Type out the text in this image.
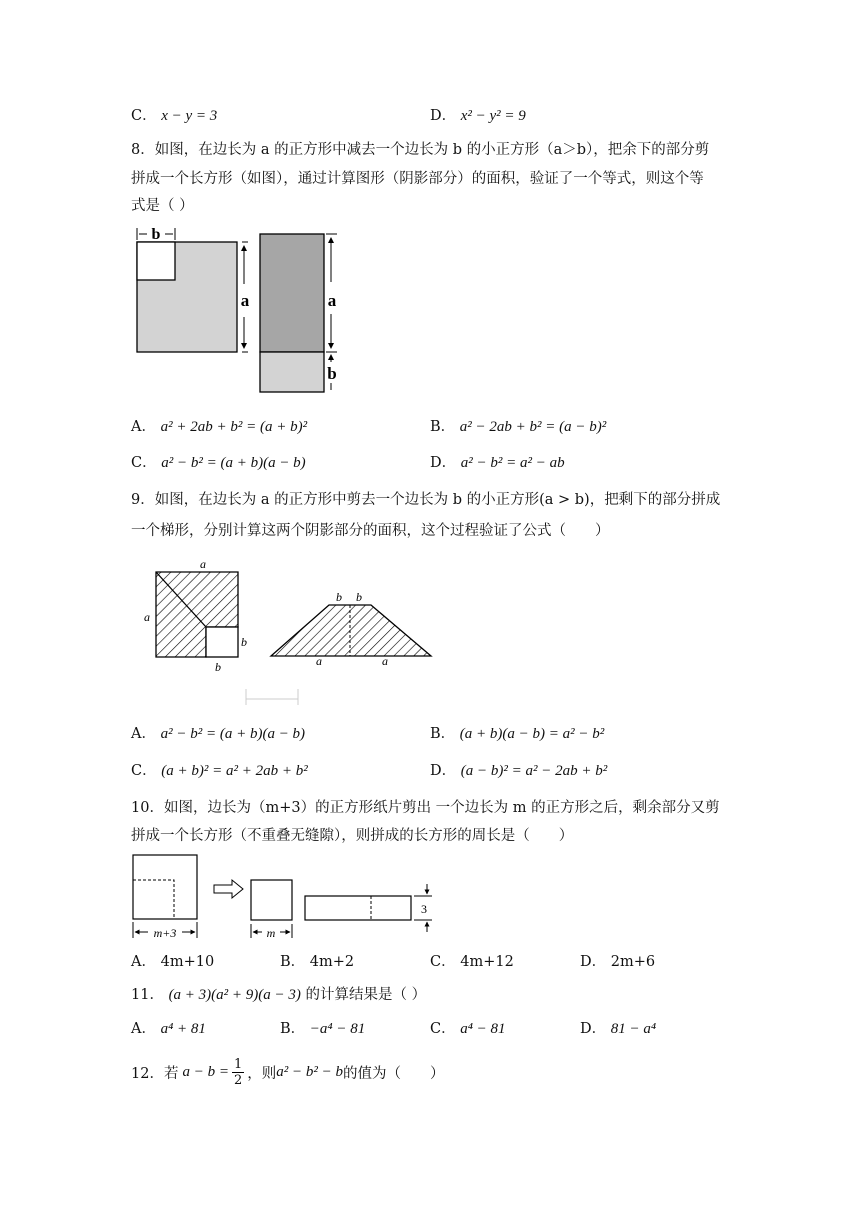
C． x − y = 3	D． x² − y² = 9
8．如图，在边长为 a 的正方形中减去一个边长为 b 的小正方形（a＞b），把余下的部分剪
拼成一个长方形（如图），通过计算图形（阴影部分）的面积，验证了一个等式，则这个等
式是（ ）
b
a	a
b
A． a² + 2ab + b² = (a + b)²	B． a² − 2ab + b² = (a − b)²
C． a² − b² = (a + b)(a − b)	D． a² − b² = a² − ab
9．如图，在边长为 a 的正方形中剪去一个边长为 b 的小正方形(a > b)，把剩下的部分拼成
一个梯形，分别计算这两个阴影部分的面积，这个过程验证了公式（　　）
a
a
b
b
b b
a	a
A． a² − b² = (a + b)(a − b)	B． (a + b)(a − b) = a² − b²
C． (a + b)² = a² + 2ab + b²	D． (a − b)² = a² − 2ab + b²
10．如图，边长为（m+3）的正方形纸片剪出 一个边长为 m 的正方形之后，剩余部分又剪
拼成一个长方形（不重叠无缝隙），则拼成的长方形的周长是（　　）
m+3	m
3
A． 4m+10	B． 4m+2	C． 4m+12	D． 2m+6
11． (a + 3)(a² + 9)(a − 3) 的计算结果是（ ）
A． a⁴ + 81	B． −a⁴ − 81	C． a⁴ − 81	D． 81 − a⁴
12．若 $a - b = \frac{1}{2}$ ，则 a² − b² − b 的值为（　　）
